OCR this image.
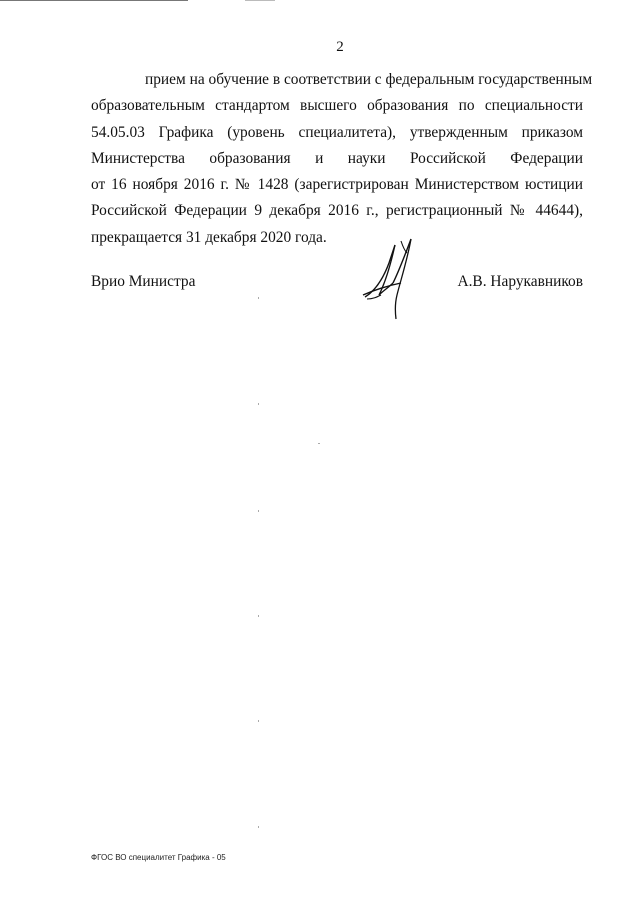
2
прием на обучение в соответствии с федеральным государственным
образовательным стандартом высшего образования по специальности
54.05.03 Графика (уровень специалитета), утвержденным приказом
Министерства образования и науки Российской Федерации
от 16 ноября 2016 г. № 1428 (зарегистрирован Министерством юстиции
Российской Федерации 9 декабря 2016 г., регистрационный № 44644),
прекращается 31 декабря 2020 года.
Врио Министра	А.В. Нарукавников
ФГОС ВО специалитет Графика - 05
